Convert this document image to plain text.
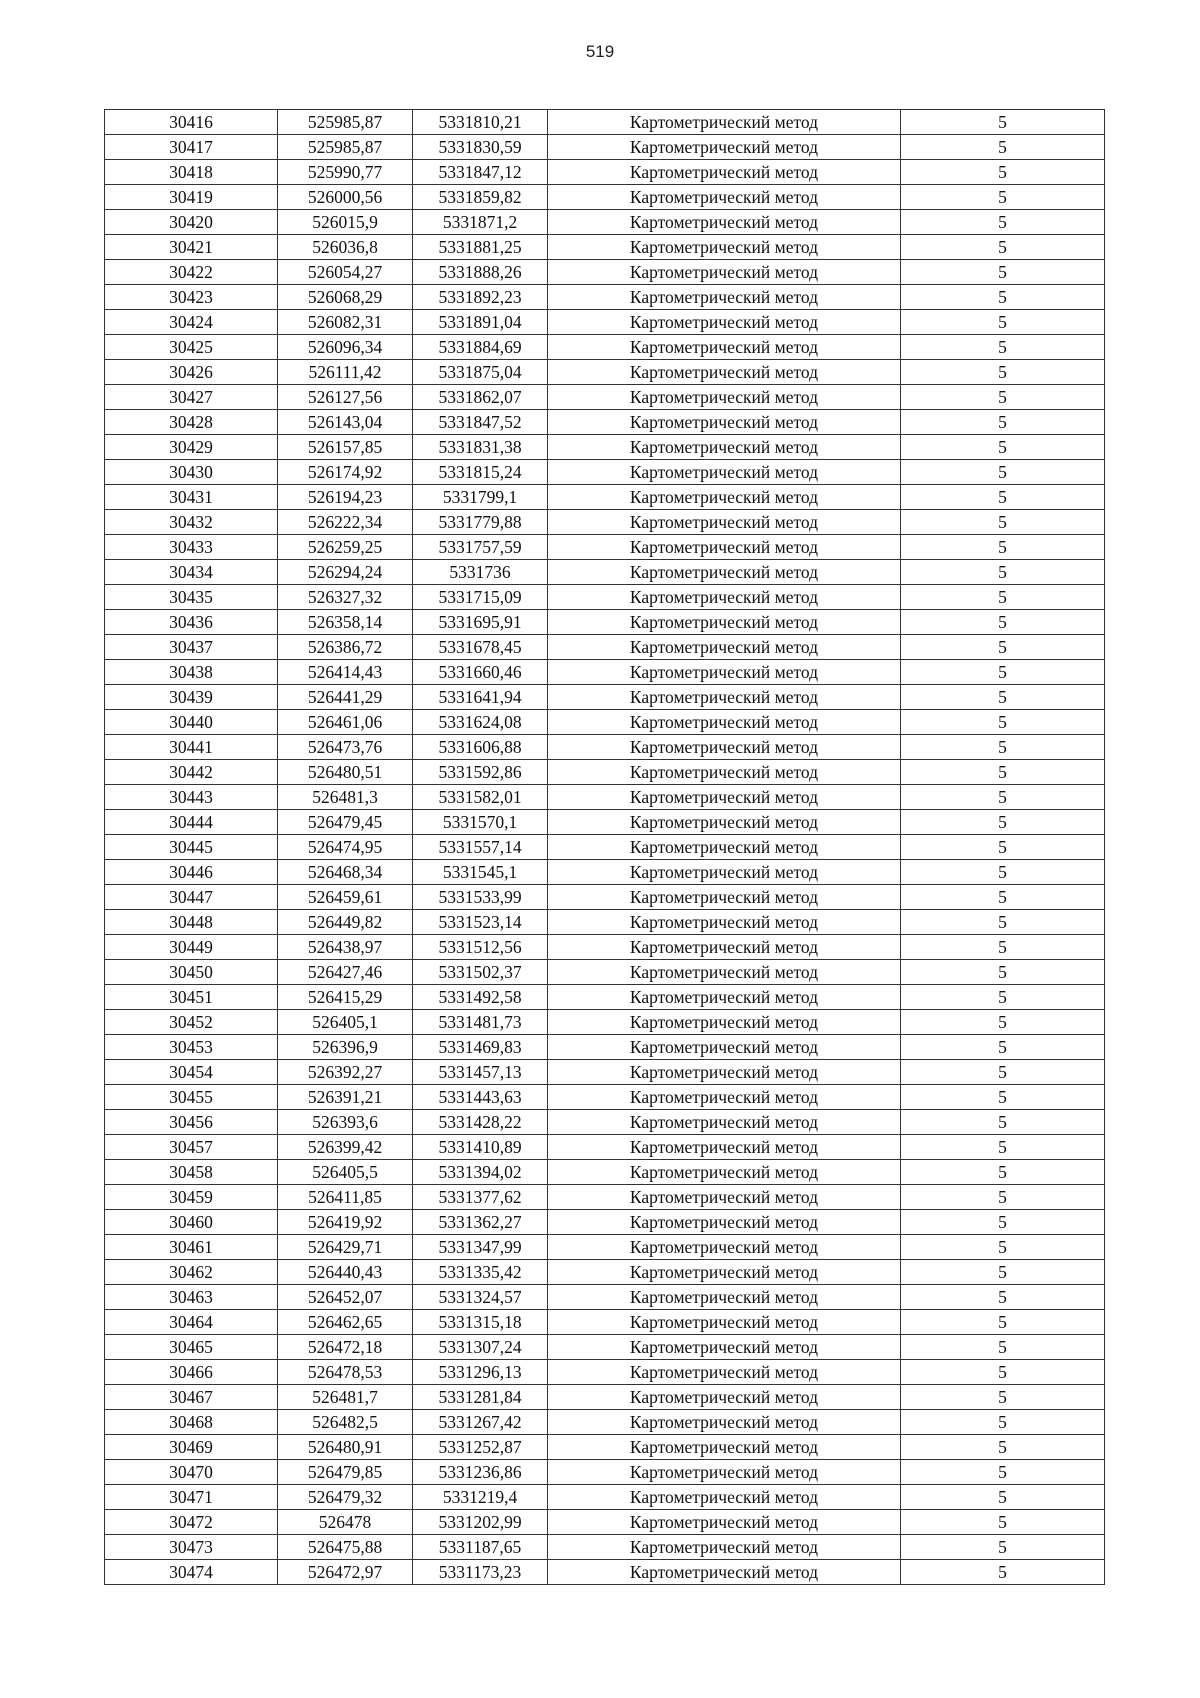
519
30416	525985,87	5331810,21	Картометрический метод	5
30417	525985,87	5331830,59	Картометрический метод	5
30418	525990,77	5331847,12	Картометрический метод	5
30419	526000,56	5331859,82	Картометрический метод	5
30420	526015,9	5331871,2	Картометрический метод	5
30421	526036,8	5331881,25	Картометрический метод	5
30422	526054,27	5331888,26	Картометрический метод	5
30423	526068,29	5331892,23	Картометрический метод	5
30424	526082,31	5331891,04	Картометрический метод	5
30425	526096,34	5331884,69	Картометрический метод	5
30426	526111,42	5331875,04	Картометрический метод	5
30427	526127,56	5331862,07	Картометрический метод	5
30428	526143,04	5331847,52	Картометрический метод	5
30429	526157,85	5331831,38	Картометрический метод	5
30430	526174,92	5331815,24	Картометрический метод	5
30431	526194,23	5331799,1	Картометрический метод	5
30432	526222,34	5331779,88	Картометрический метод	5
30433	526259,25	5331757,59	Картометрический метод	5
30434	526294,24	5331736	Картометрический метод	5
30435	526327,32	5331715,09	Картометрический метод	5
30436	526358,14	5331695,91	Картометрический метод	5
30437	526386,72	5331678,45	Картометрический метод	5
30438	526414,43	5331660,46	Картометрический метод	5
30439	526441,29	5331641,94	Картометрический метод	5
30440	526461,06	5331624,08	Картометрический метод	5
30441	526473,76	5331606,88	Картометрический метод	5
30442	526480,51	5331592,86	Картометрический метод	5
30443	526481,3	5331582,01	Картометрический метод	5
30444	526479,45	5331570,1	Картометрический метод	5
30445	526474,95	5331557,14	Картометрический метод	5
30446	526468,34	5331545,1	Картометрический метод	5
30447	526459,61	5331533,99	Картометрический метод	5
30448	526449,82	5331523,14	Картометрический метод	5
30449	526438,97	5331512,56	Картометрический метод	5
30450	526427,46	5331502,37	Картометрический метод	5
30451	526415,29	5331492,58	Картометрический метод	5
30452	526405,1	5331481,73	Картометрический метод	5
30453	526396,9	5331469,83	Картометрический метод	5
30454	526392,27	5331457,13	Картометрический метод	5
30455	526391,21	5331443,63	Картометрический метод	5
30456	526393,6	5331428,22	Картометрический метод	5
30457	526399,42	5331410,89	Картометрический метод	5
30458	526405,5	5331394,02	Картометрический метод	5
30459	526411,85	5331377,62	Картометрический метод	5
30460	526419,92	5331362,27	Картометрический метод	5
30461	526429,71	5331347,99	Картометрический метод	5
30462	526440,43	5331335,42	Картометрический метод	5
30463	526452,07	5331324,57	Картометрический метод	5
30464	526462,65	5331315,18	Картометрический метод	5
30465	526472,18	5331307,24	Картометрический метод	5
30466	526478,53	5331296,13	Картометрический метод	5
30467	526481,7	5331281,84	Картометрический метод	5
30468	526482,5	5331267,42	Картометрический метод	5
30469	526480,91	5331252,87	Картометрический метод	5
30470	526479,85	5331236,86	Картометрический метод	5
30471	526479,32	5331219,4	Картометрический метод	5
30472	526478	5331202,99	Картометрический метод	5
30473	526475,88	5331187,65	Картометрический метод	5
30474	526472,97	5331173,23	Картометрический метод	5
